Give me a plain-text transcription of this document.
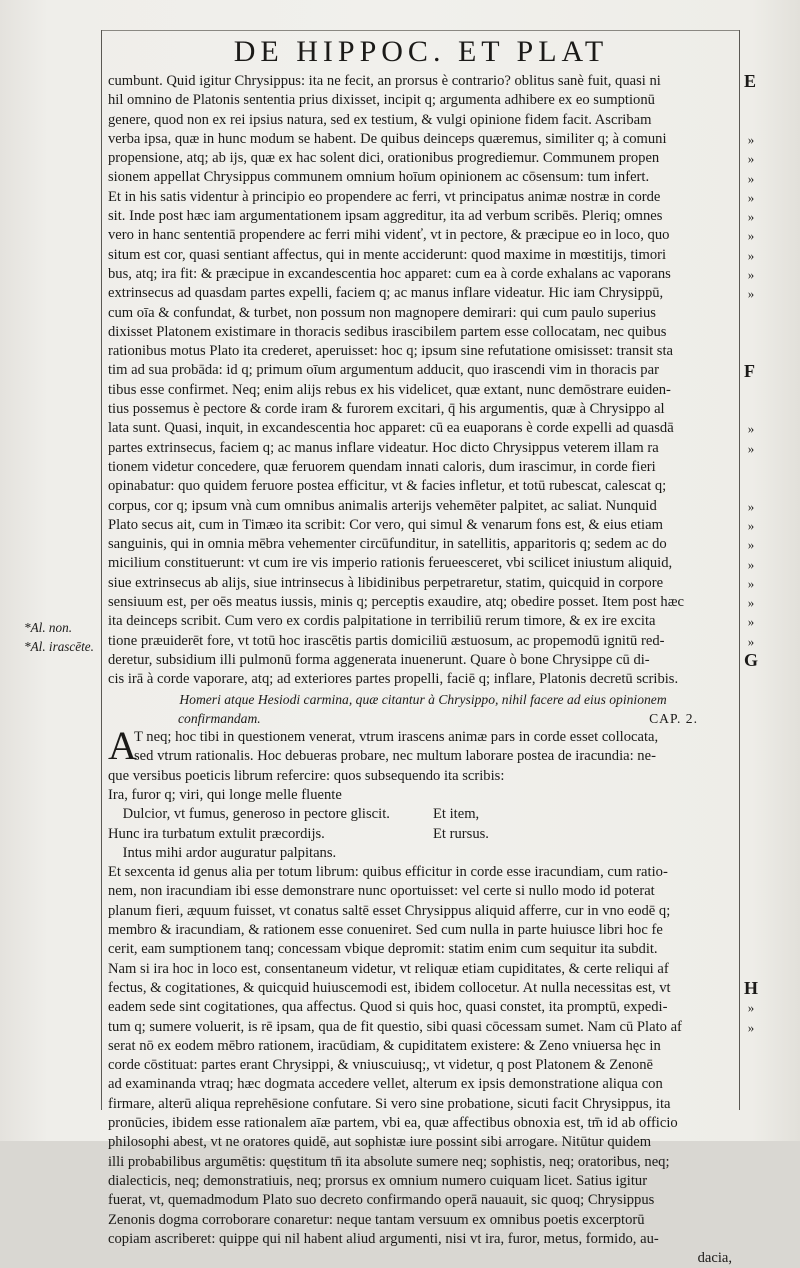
DE HIPPOC. ET PLAT
*Al. non.
*Al. irascēte.
cumbunt. Quid igitur Chrysippus: ita ne fecit, an prorsus è contrario? oblitus sanè fuit, quasi ni
hil omnino de Platonis sententia prius dixisset, incipit q; argumenta adhibere ex eo sumptionū
genere, quod non ex rei ipsius natura, sed ex testium, & vulgi opinione fidem facit. Ascribam
verba ipsa, quæ in hunc modum se habent. De quibus deinceps quæremus, similiter q; à comuni
propensione, atq; ab ijs, quæ ex hac solent dici, orationibus progrediemur. Communem propen
sionem appellat Chrysippus communem omnium hoīum opinionem ac cōsensum: tum infert.
Et in his satis videntur à principio eo propendere ac ferri, vt principatus animæ nostræ in corde
sit. Inde post hæc iam argumentationem ipsam aggreditur, ita ad verbum scribēs. Pleriq; omnes
vero in hanc sententiā propendere ac ferri mihi videnť, vt in pectore, & præcipue eo in loco, quo
situm est cor, quasi sentiant affectus, qui in mente acciderunt: quod maxime in mœstitijs, timori
bus, atq; ira fit: & præcipue in excandescentia hoc apparet: cum ea à corde exhalans ac vaporans
extrinsecus ad quasdam partes expelli, faciem q; ac manus inflare videatur. Hic iam Chrysippū,
cum oīa & confundat, & turbet, non possum non magnopere demirari: qui cum paulo superius
dixisset Platonem existimare in thoracis sedibus irascibilem partem esse collocatam, nec quibus
rationibus motus Plato ita crederet, aperuisset: hoc q; ipsum sine refutatione omisisset: transit sta
tim ad sua probāda: id q; primum oīum argumentum adducit, quo irascendi vim in thoracis par
tibus esse confirmet. Neq; enim alijs rebus ex his videlicet, quæ extant, nunc demōstrare euiden-
tius possemus è pectore & corde iram & furorem excitari, q̄ his argumentis, quæ à Chrysippo al
lata sunt. Quasi, inquit, in excandescentia hoc apparet: cū ea euaporans è corde expelli ad quasdā
partes extrinsecus, faciem q; ac manus inflare videatur. Hoc dicto Chrysippus veterem illam ra
tionem videtur concedere, quæ feruorem quendam innati caloris, dum irascimur, in corde fieri
opinabatur: quo quidem feruore postea efficitur, vt & facies infletur, et totū rubescat, calescat q;
corpus, cor q; ipsum vnà cum omnibus animalis arterijs vehemēter palpitet, ac saliat. Nunquid
Plato secus ait, cum in Timæo ita scribit: Cor vero, qui simul & venarum fons est, & eius etiam
sanguinis, qui in omnia mēbra vehementer circūfunditur, in satellitis, apparitoris q; sedem ac do
micilium constituerunt: vt cum ire vis imperio rationis ferueesceret, vbi scilicet iniustum aliquid,
siue extrinsecus ab alijs, siue intrinsecus à libidinibus perpetraretur, statim, quicquid in corpore
sensiuum est, per oēs meatus iussis, minis q; perceptis exaudire, atq; obedire posset. Item post hæc
ita deinceps scribit. Cum vero ex cordis palpitatione in terribiliū rerum timore, & ex ire excita
tione præuiderēt fore, vt totū hoc irascētis partis domiciliū æstuosum, ac propemodū ignitū red-
deretur, subsidium illi pulmonū forma aggenerata inuenerunt. Quare ò bone Chrysippe cū di-
cis irā à corde vaporare, atq; ad exteriores partes propelli, faciē q; inflare, Platonis decretū scribis.
Homeri atque Hesiodi carmina, quæ citantur à Chrysippo, nihil facere ad eius opinionem
confirmandam.	CAP. 2.
A
T neq; hoc tibi in questionem venerat, vtrum irascens animæ pars in corde esset collocata,
sed vtrum rationalis. Hoc debueras probare, nec multum laborare postea de iracundia: ne-
que versibus poeticis librum refercire: quos subsequendo ita scribis:
Ira, furor q; viri, qui longe melle fluente
Dulcior, vt fumus, generoso in pectore gliscit.	Et item,
Hunc ira turbatum extulit præcordijs.	Et rursus.
Intus mihi ardor auguratur palpitans.
Et sexcenta id genus alia per totum librum: quibus efficitur in corde esse iracundiam, cum ratio-
nem, non iracundiam ibi esse demonstrare nunc oportuisset: vel certe si nullo modo id poterat
planum fieri, æquum fuisset, vt conatus saltē esset Chrysippus aliquid afferre, cur in vno eodē q;
membro & iracundiam, & rationem esse conueniret. Sed cum nulla in parte huiusce libri hoc fe
cerit, eam sumptionem tanq; concessam vbique depromit: statim enim cum sequitur ita subdit.
Nam si ira hoc in loco est, consentaneum videtur, vt reliquæ etiam cupiditates, & certe reliqui af
fectus, & cogitationes, & quicquid huiuscemodi est, ibidem collocetur. At nulla necessitas est, vt
eadem sede sint cogitationes, qua affectus. Quod si quis hoc, quasi constet, ita promptū, expedi-
tum q; sumere voluerit, is rē ipsam, qua de fit questio, sibi quasi cōcessam sumet. Nam cū Plato af
serat nō ex eodem mēbro rationem, iracūdiam, & cupiditatem existere: & Zeno vniuersa hęc in
corde cōstituat: partes erant Chrysippi, & vniuscuiusq;, vt videtur, q post Platonem & Zenonē
ad examinanda vtraq; hæc dogmata accedere vellet, alterum ex ipsis demonstratione aliqua con
firmare, alterū aliqua reprehēsione confutare. Si vero sine probatione, sicuti facit Chrysippus, ita
pronūcies, ibidem esse rationalem aīæ partem, vbi ea, quæ affectibus obnoxia est, tm̄ id ab officio
philosophi abest, vt ne oratores quidē, aut sophistæ iure possint sibi arrogare. Nitūtur quidem
illi probabilibus argumētis: quęstitum tn̄ ita absolute sumere neq; sophistis, neq; oratoribus, neq;
dialecticis, neq; demonstratiuis, neq; prorsus ex omnium numero cuiquam licet. Satius igitur
fuerat, vt, quemadmodum Plato suo decreto confirmando operā nauauit, sic quoq; Chrysippus
Zenonis dogma corroborare conaretur: neque tantam versuum ex omnibus poetis excerptorū
copiam ascriberet: quippe qui nil habent aliud argumenti, nisi vt ira, furor, metus, formido, au-
dacia,
E
»
»
»
»
»
»
»
»
»
F
»
»
»
»
»
»
»
»
»
»
G
H
»
»
